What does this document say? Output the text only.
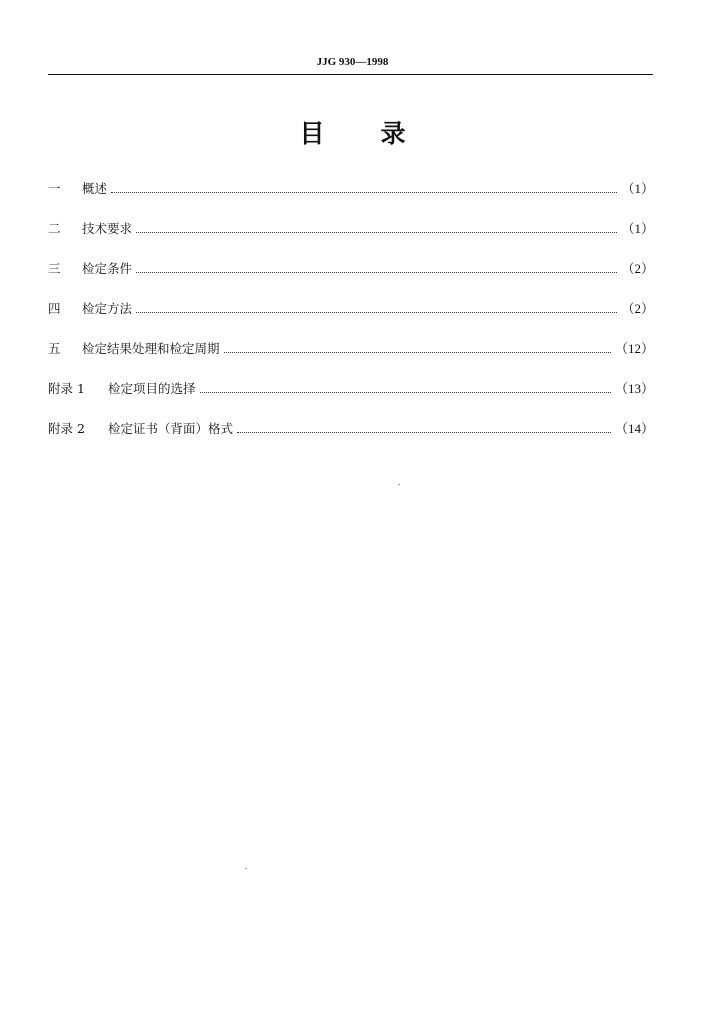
JJG 930—1998
目录
一	概述	（1）
二	技术要求	（1）
三	检定条件	（2）
四	检定方法	（2）
五	检定结果处理和检定周期	（12）
附录 1	检定项目的选择	（13）
附录 2	检定证书（背面）格式	（14）
